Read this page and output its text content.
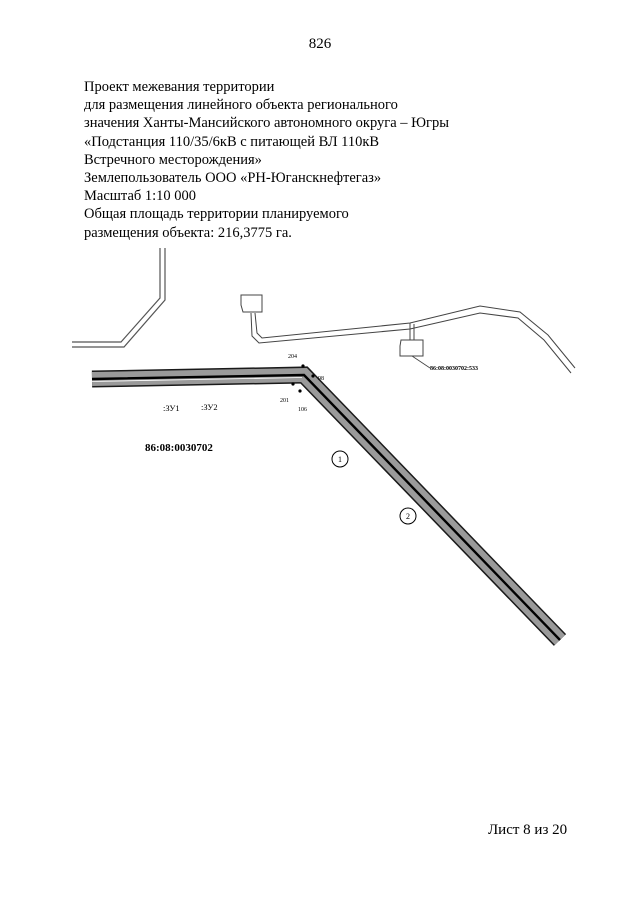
826
Проект межевания территории
для размещения линейного объекта регионального
значения Ханты-Мансийского автономного округа – Югры
«Подстанция 110/35/6кВ с питающей ВЛ 110кВ
Встречного месторождения»
Землепользователь ООО «РН-Юганскнефтегаз»
Масштаб 1:10 000
Общая площадь территории планируемого
размещения объекта: 216,3775 га.
204
98
201
106
:ЗУ1	:ЗУ2
86:08:0030702
86:08:0030702:533
1
2
Лист 8 из 20
